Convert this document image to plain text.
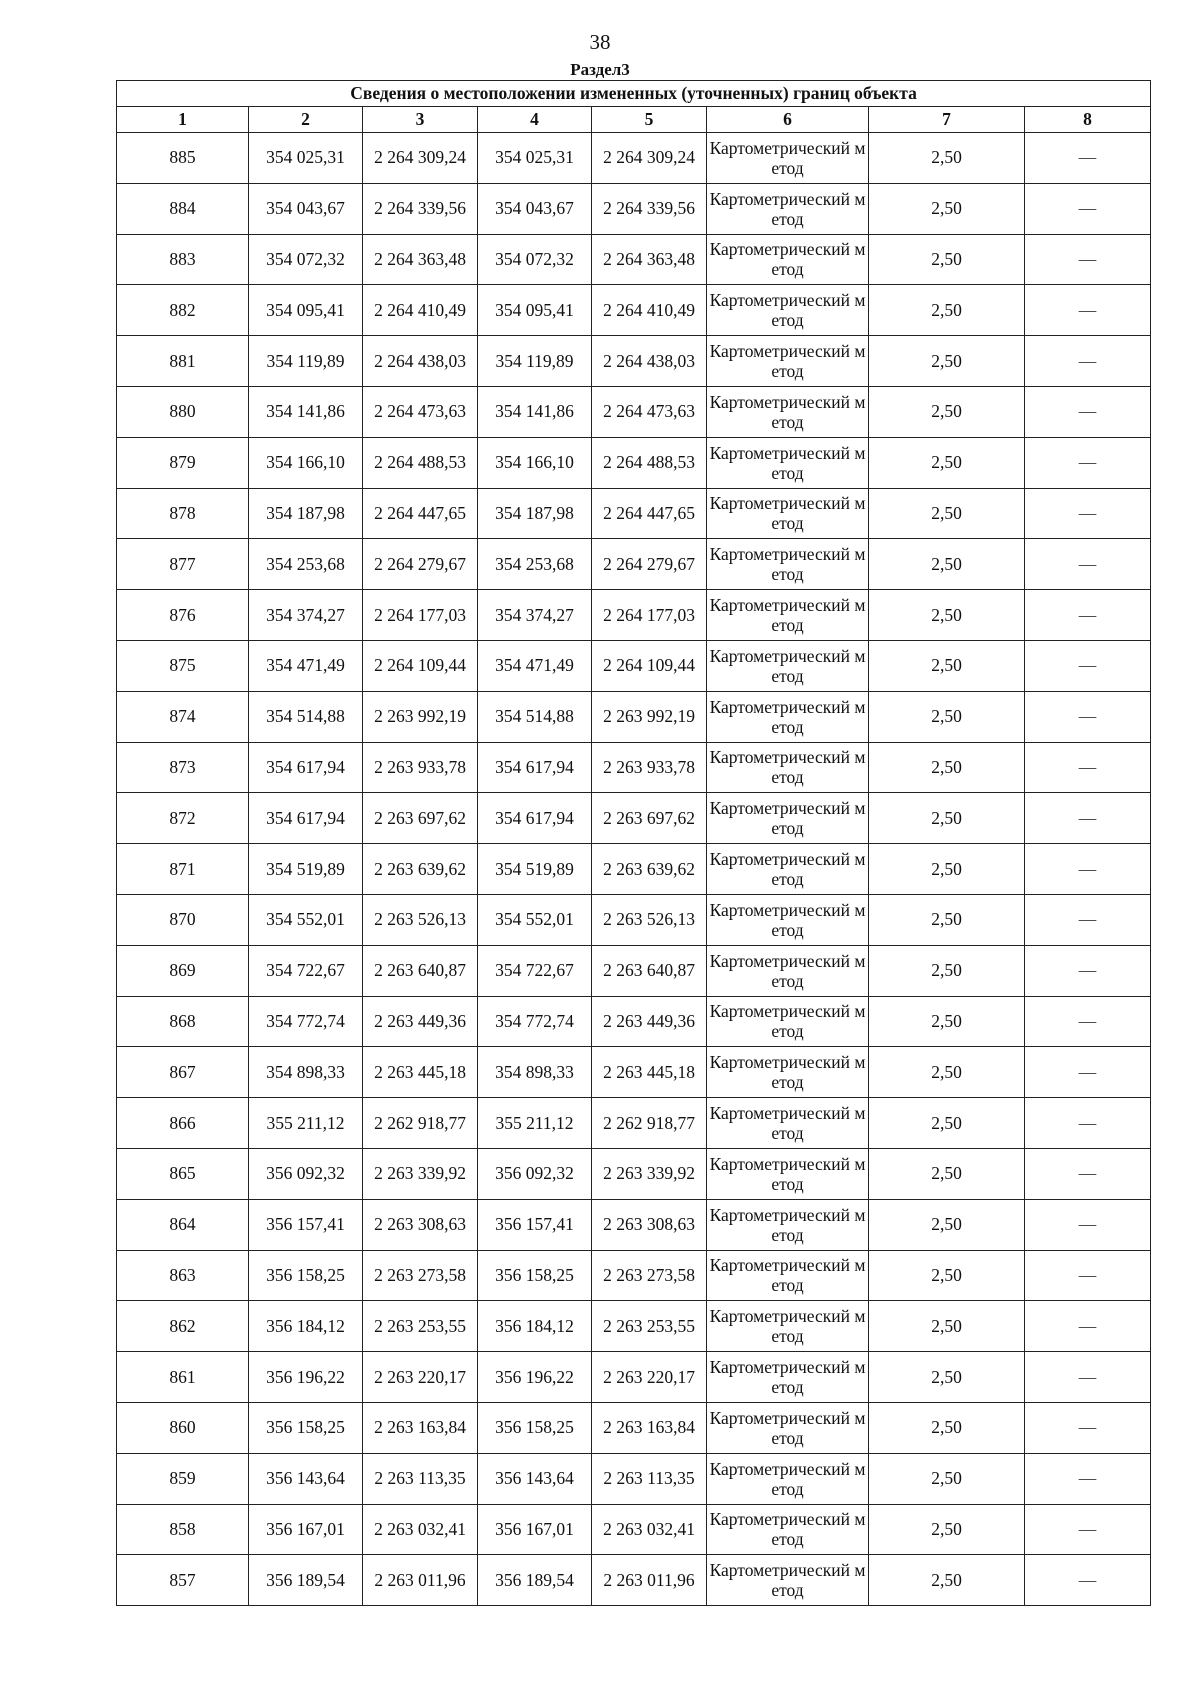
38
Раздел3
Сведения о местоположении измененных (уточненных) границ объекта							
1	2	3	4	5	6	7	8
885	354 025,31	2 264 309,24	354 025,31	2 264 309,24	Картометрический метод	2,50	—
884	354 043,67	2 264 339,56	354 043,67	2 264 339,56	Картометрический метод	2,50	—
883	354 072,32	2 264 363,48	354 072,32	2 264 363,48	Картометрический метод	2,50	—
882	354 095,41	2 264 410,49	354 095,41	2 264 410,49	Картометрический метод	2,50	—
881	354 119,89	2 264 438,03	354 119,89	2 264 438,03	Картометрический метод	2,50	—
880	354 141,86	2 264 473,63	354 141,86	2 264 473,63	Картометрический метод	2,50	—
879	354 166,10	2 264 488,53	354 166,10	2 264 488,53	Картометрический метод	2,50	—
878	354 187,98	2 264 447,65	354 187,98	2 264 447,65	Картометрический метод	2,50	—
877	354 253,68	2 264 279,67	354 253,68	2 264 279,67	Картометрический метод	2,50	—
876	354 374,27	2 264 177,03	354 374,27	2 264 177,03	Картометрический метод	2,50	—
875	354 471,49	2 264 109,44	354 471,49	2 264 109,44	Картометрический метод	2,50	—
874	354 514,88	2 263 992,19	354 514,88	2 263 992,19	Картометрический метод	2,50	—
873	354 617,94	2 263 933,78	354 617,94	2 263 933,78	Картометрический метод	2,50	—
872	354 617,94	2 263 697,62	354 617,94	2 263 697,62	Картометрический метод	2,50	—
871	354 519,89	2 263 639,62	354 519,89	2 263 639,62	Картометрический метод	2,50	—
870	354 552,01	2 263 526,13	354 552,01	2 263 526,13	Картометрический метод	2,50	—
869	354 722,67	2 263 640,87	354 722,67	2 263 640,87	Картометрический метод	2,50	—
868	354 772,74	2 263 449,36	354 772,74	2 263 449,36	Картометрический метод	2,50	—
867	354 898,33	2 263 445,18	354 898,33	2 263 445,18	Картометрический метод	2,50	—
866	355 211,12	2 262 918,77	355 211,12	2 262 918,77	Картометрический метод	2,50	—
865	356 092,32	2 263 339,92	356 092,32	2 263 339,92	Картометрический метод	2,50	—
864	356 157,41	2 263 308,63	356 157,41	2 263 308,63	Картометрический метод	2,50	—
863	356 158,25	2 263 273,58	356 158,25	2 263 273,58	Картометрический метод	2,50	—
862	356 184,12	2 263 253,55	356 184,12	2 263 253,55	Картометрический метод	2,50	—
861	356 196,22	2 263 220,17	356 196,22	2 263 220,17	Картометрический метод	2,50	—
860	356 158,25	2 263 163,84	356 158,25	2 263 163,84	Картометрический метод	2,50	—
859	356 143,64	2 263 113,35	356 143,64	2 263 113,35	Картометрический метод	2,50	—
858	356 167,01	2 263 032,41	356 167,01	2 263 032,41	Картометрический метод	2,50	—
857	356 189,54	2 263 011,96	356 189,54	2 263 011,96	Картометрический метод	2,50	—
